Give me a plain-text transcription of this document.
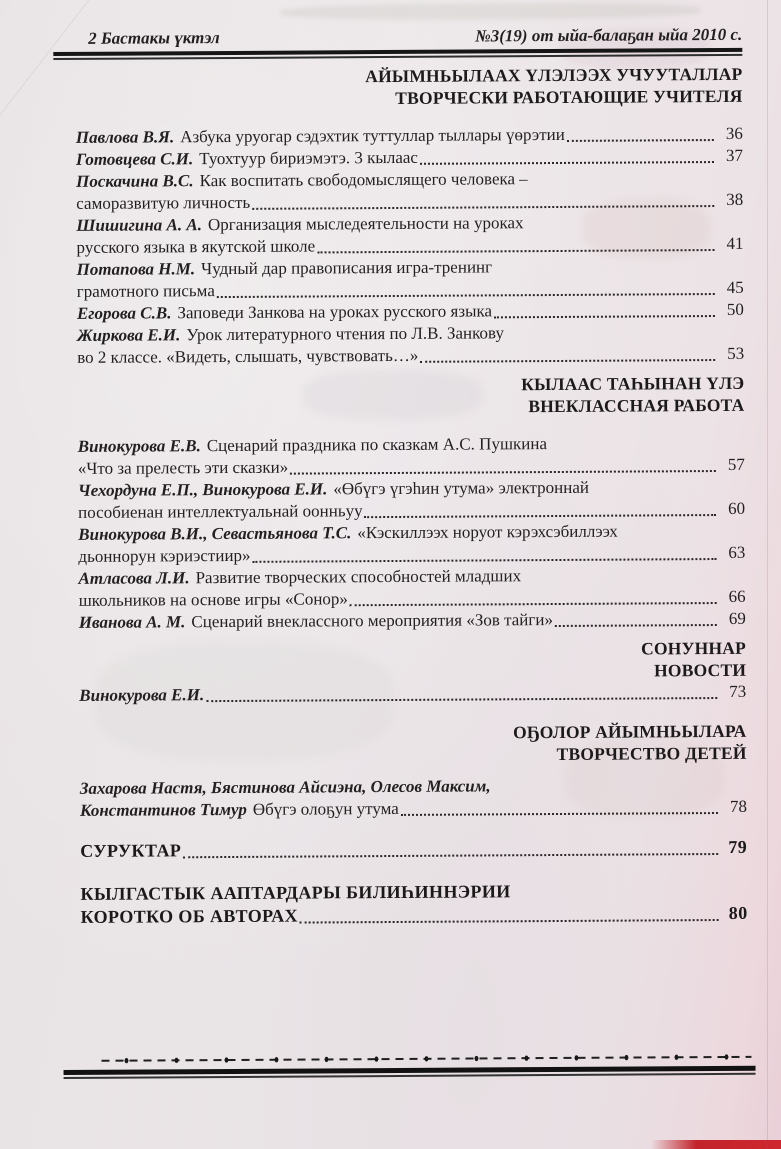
2 Бастакы үктэл	№3(19) от ыйа-балаҕан ыйа 2010 с.
АЙЫМНЬЫЛААХ ҮЛЭЛЭЭХ УЧУУТАЛЛАР
ТВОРЧЕСКИ РАБОТАЮЩИЕ УЧИТЕЛЯ
Павлова В.Я. Азбука уруогар сэдэхтик туттуллар тыллары үөрэтии	36
Готовцева С.И. Туохтуур бириэмэтэ. 3 кылаас	37
Поскачина В.С. Как воспитать свободомыслящего человека –
саморазвитую личность	38
Шишигина А. А. Организация мыследеятельности на уроках
русского языка в якутской школе	41
Потапова Н.М. Чудный дар правописания игра-тренинг
грамотного письма	45
Егорова С.В. Заповеди Занкова на уроках русского языка	50
Жиркова Е.И. Урок литературного чтения по Л.В. Занкову
во 2 классе. «Видеть, слышать, чувствовать…»	53
КЫЛААС ТАҺЫНАН ҮЛЭ
ВНЕКЛАССНАЯ РАБОТА
Винокурова Е.В. Сценарий праздника по сказкам А.С. Пушкина
«Что за прелесть эти сказки»	57
Чехордуна Е.П., Винокурова Е.И. «Өбүгэ үгэһин утума» электроннай
пособиенан интеллектуальнай оонньуу	60
Винокурова В.И., Севастьянова Т.С. «Кэскиллээх норуот кэрэхсэбиллээх
дьоннорун кэриэстиир»	63
Атласова Л.И. Развитие творческих способностей младших
школьников на основе игры «Сонор»	66
Иванова А. М. Сценарий внеклассного мероприятия «Зов тайги»	69
СОНУННАР
НОВОСТИ
Винокурова Е.И.	73
ОҔОЛОР АЙЫМНЬЫЛАРА
ТВОРЧЕСТВО ДЕТЕЙ
Захарова Настя, Бястинова Айсиэна, Олесов Максим,
Константинов Тимур Өбүгэ олоҕун утума	78
СУРУКТАР	79
КЫЛГАСТЫК ААПТАРДАРЫ БИЛИҺИННЭРИИ
КОРОТКО ОБ АВТОРАХ	80
